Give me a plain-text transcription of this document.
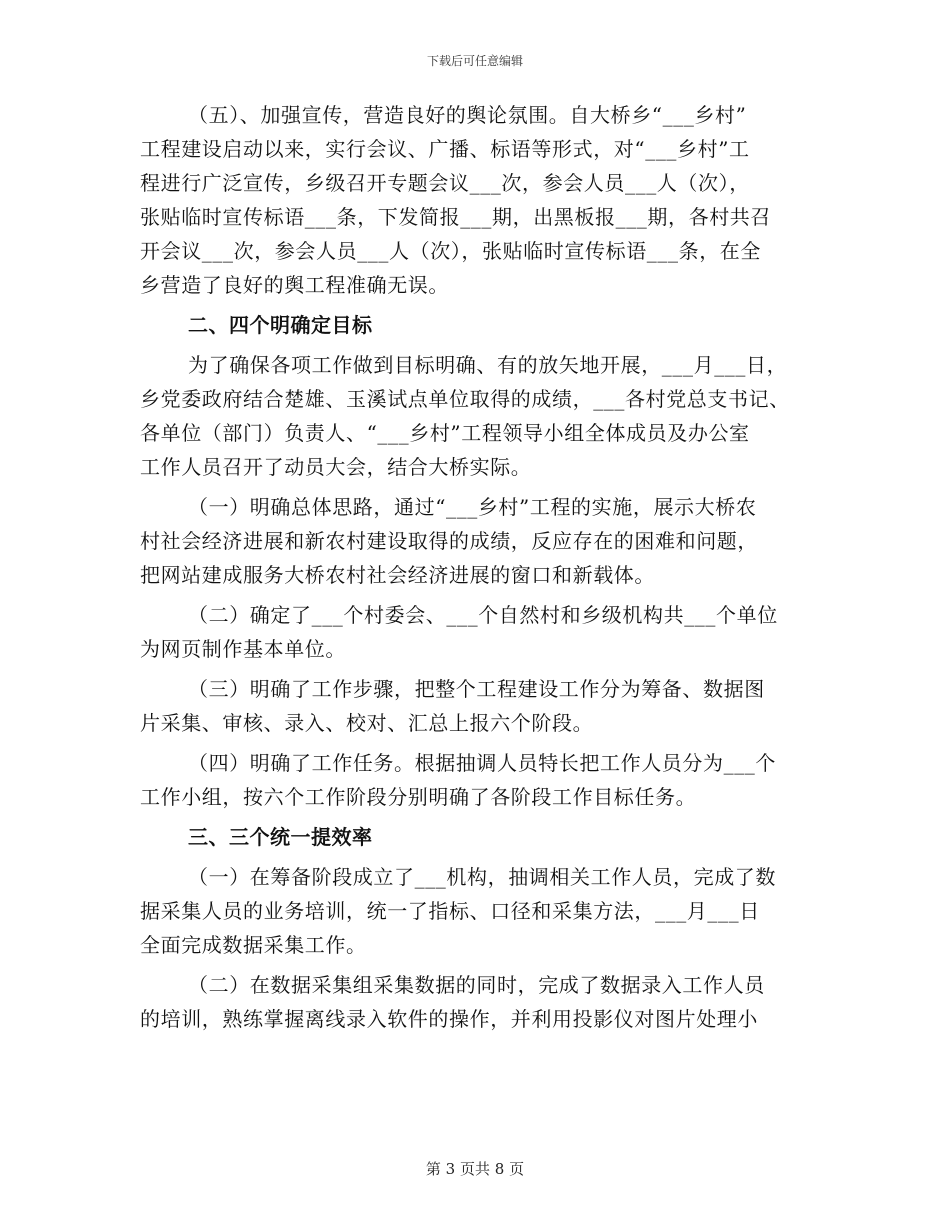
下载后可任意编辑
（五）、加强宣传，营造良好的舆论氛围。自大桥乡“___乡村”
工程建设启动以来，实行会议、广播、标语等形式，对“___乡村”工
程进行广泛宣传，乡级召开专题会议___次，参会人员___人（次），
张贴临时宣传标语___条，下发简报___期，出黑板报___期，各村共召
开会议___次，参会人员___人（次），张贴临时宣传标语___条，在全
乡营造了良好的舆工程准确无误。
二、四个明确定目标
为了确保各项工作做到目标明确、有的放矢地开展，___月___日，
乡党委政府结合楚雄、玉溪试点单位取得的成绩，___各村党总支书记、
各单位（部门）负责人、“___乡村”工程领导小组全体成员及办公室
工作人员召开了动员大会，结合大桥实际。
（一）明确总体思路，通过“___乡村”工程的实施，展示大桥农
村社会经济进展和新农村建设取得的成绩，反应存在的困难和问题，
把网站建成服务大桥农村社会经济进展的窗口和新载体。
（二）确定了___个村委会、___个自然村和乡级机构共___个单位
为网页制作基本单位。
（三）明确了工作步骤，把整个工程建设工作分为筹备、数据图
片采集、审核、录入、校对、汇总上报六个阶段。
（四）明确了工作任务。根据抽调人员特长把工作人员分为___个
工作小组，按六个工作阶段分别明确了各阶段工作目标任务。
三、三个统一提效率
（一）在筹备阶段成立了___机构，抽调相关工作人员，完成了数
据采集人员的业务培训，统一了指标、口径和采集方法，___月___日
全面完成数据采集工作。
（二）在数据采集组采集数据的同时，完成了数据录入工作人员
的培训，熟练掌握离线录入软件的操作，并利用投影仪对图片处理小
第 3 页共 8 页
